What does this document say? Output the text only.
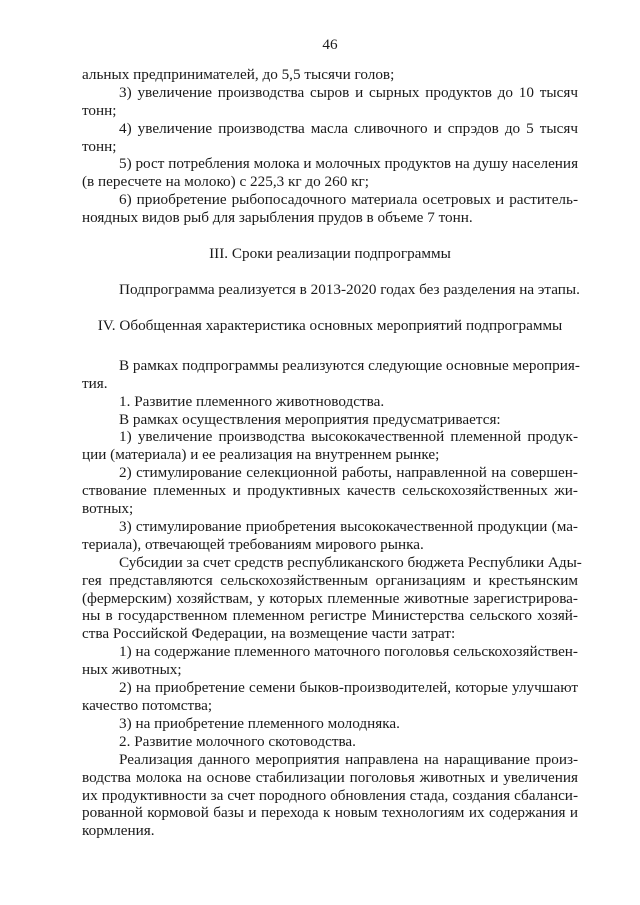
46
альных предпринимателей, до 5,5 тысячи голов;
3) увеличение производства сыров и сырных продуктов до 10 тысяч
тонн;
4) увеличение производства масла сливочного и спрэдов до 5 тысяч
тонн;
5) рост потребления молока и молочных продуктов на душу населения
(в пересчете на молоко) с 225,3 кг до 260 кг;
6) приобретение рыбопосадочного материала осетровых и раститель-
ноядных видов рыб для зарыбления прудов в объеме 7 тонн.
III. Сроки реализации подпрограммы
Подпрограмма реализуется в 2013-2020 годах без разделения на этапы.
IV. Обобщенная характеристика основных мероприятий подпрограммы
В рамках подпрограммы реализуются следующие основные мероприя-
тия.
1. Развитие племенного животноводства.
В рамках осуществления мероприятия предусматривается:
1) увеличение производства высококачественной племенной продук-
ции (материала) и ее реализация на внутреннем рынке;
2) стимулирование селекционной работы, направленной на совершен-
ствование племенных и продуктивных качеств сельскохозяйственных жи-
вотных;
3) стимулирование приобретения высококачественной продукции (ма-
териала), отвечающей требованиям мирового рынка.
Субсидии за счет средств республиканского бюджета Республики Ады-
гея представляются сельскохозяйственным организациям и крестьянским
(фермерским) хозяйствам, у которых племенные животные зарегистрирова-
ны в государственном племенном регистре Министерства сельского хозяй-
ства Российской Федерации, на возмещение части затрат:
1) на содержание племенного маточного поголовья сельскохозяйствен-
ных животных;
2) на приобретение семени быков-производителей, которые улучшают
качество потомства;
3) на приобретение племенного молодняка.
2. Развитие молочного скотоводства.
Реализация данного мероприятия направлена на наращивание произ-
водства молока на основе стабилизации поголовья животных и увеличения
их продуктивности за счет породного обновления стада, создания сбаланси-
рованной кормовой базы и перехода к новым технологиям их содержания и
кормления.
